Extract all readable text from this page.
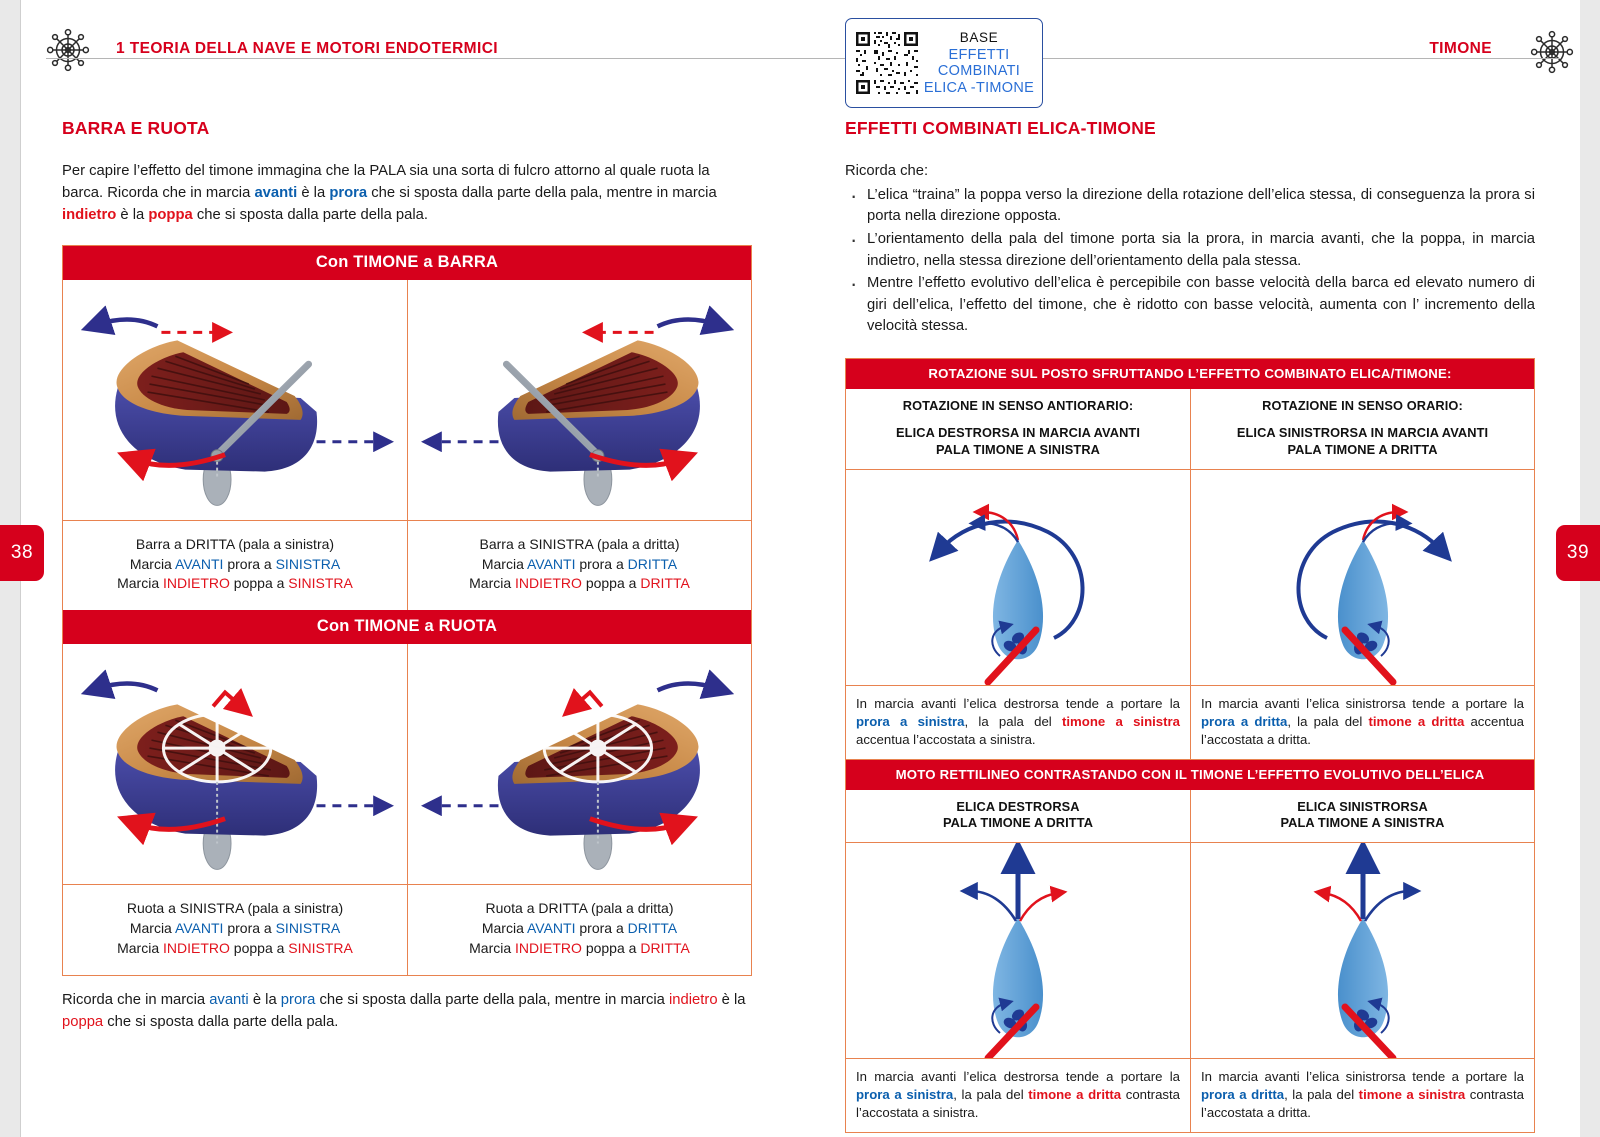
38	39
1 TEORIA DELLA NAVE E MOTORI ENDOTERMICI	TIMONE
BASE
EFFETTI
COMBINATI
ELICA -TIMONE
BARRA E RUOTA

Per capire l’effetto del timone immagina che la PALA sia una sorta di fulcro attorno al quale ruota la barca. Ricorda che in marcia avanti è la prora che si sposta dalla parte della pala, mentre in marcia indietro è la poppa che si sposta dalla parte della pala.

Con TIMONE a BARRA
Barra a DRITTA (pala a sinistra)
Marcia AVANTI prora a SINISTRA
Marcia INDIETRO poppa a SINISTRA
Barra a SINISTRA (pala a dritta)
Marcia AVANTI prora a DRITTA
Marcia INDIETRO poppa a DRITTA
Con TIMONE a RUOTA
Ruota a SINISTRA (pala a sinistra)
Marcia AVANTI prora a SINISTRA
Marcia INDIETRO poppa a SINISTRA
Ruota a DRITTA (pala a dritta)
Marcia AVANTI prora a DRITTA
Marcia INDIETRO poppa a DRITTA

Ricorda che in marcia avanti è la prora che si sposta dalla parte della pala, mentre in marcia indietro è la poppa che si sposta dalla parte della pala.

EFFETTI COMBINATI ELICA-TIMONE

Ricorda che:

· L’elica “traina” la poppa verso la direzione della rotazione dell’elica stessa, di conseguenza la prora si porta nella direzione opposta.
· L’orientamento della pala del timone porta sia la prora, in marcia avanti, che la poppa, in marcia indietro, nella stessa direzione dell’orientamento della pala stessa.
· Mentre l’effetto evolutivo dell’elica è percepibile con basse velocità della barca ed elevato numero di giri dell’elica, l’effetto del timone, che è ridotto con basse velocità, aumenta con l’ incremento della velocità stessa.
ROTAZIONE SUL POSTO SFRUTTANDO L’EFFETTO COMBINATO ELICA/TIMONE:
ROTAZIONE IN SENSO ANTIORARIO:
ELICA DESTRORSA IN MARCIA AVANTI
PALA TIMONE A SINISTRA
ROTAZIONE IN SENSO ORARIO:
ELICA SINISTRORSA IN MARCIA AVANTI
PALA TIMONE A DRITTA
In marcia avanti l’elica destrorsa tende a portare la prora a sinistra, la pala del timone a sinistra accentua l’accostata a sinistra.
In marcia avanti l’elica sinistrorsa tende a portare la prora a dritta, la pala del timone a dritta accentua l’accostata a dritta.
MOTO RETTILINEO CONTRASTANDO CON IL TIMONE L’EFFETTO EVOLUTIVO DELL’ELICA
ELICA DESTRORSA
PALA TIMONE A DRITTA
ELICA SINISTRORSA
PALA TIMONE A SINISTRA
In marcia avanti l’elica destrorsa tende a portare la prora a sinistra, la pala del timone a dritta contrasta l’accostata a sinistra.
In marcia avanti l’elica sinistrorsa tende a portare la prora a dritta, la pala del timone a sinistra contrasta l’accostata a dritta.
